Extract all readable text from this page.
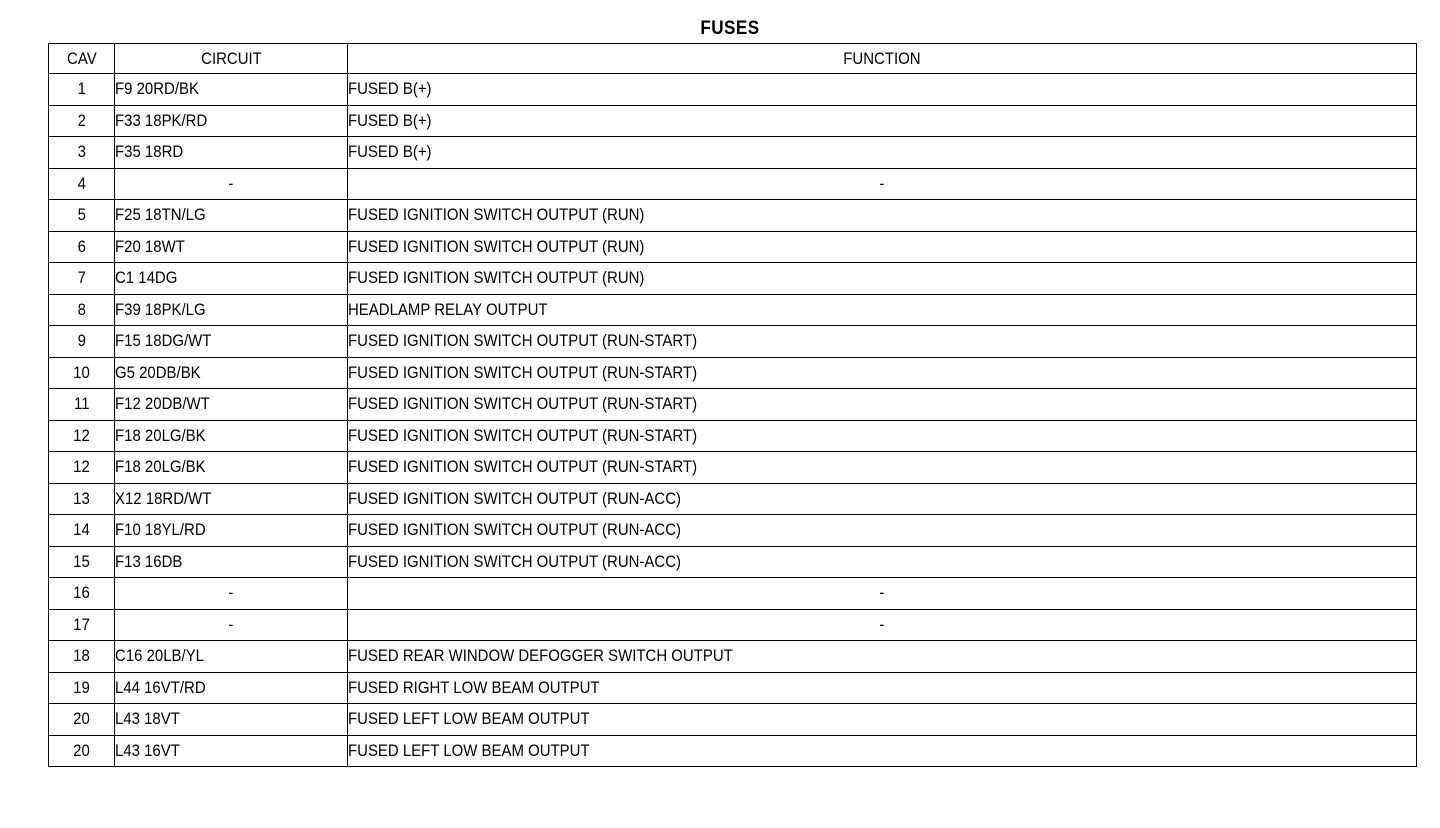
FUSES
CAV	CIRCUIT	FUNCTION
1	F9 20RD/BK	FUSED B(+)
2	F33 18PK/RD	FUSED B(+)
3	F35 18RD	FUSED B(+)
4	-	-
5	F25 18TN/LG	FUSED IGNITION SWITCH OUTPUT (RUN)
6	F20 18WT	FUSED IGNITION SWITCH OUTPUT (RUN)
7	C1 14DG	FUSED IGNITION SWITCH OUTPUT (RUN)
8	F39 18PK/LG	HEADLAMP RELAY OUTPUT
9	F15 18DG/WT	FUSED IGNITION SWITCH OUTPUT (RUN-START)
10	G5 20DB/BK	FUSED IGNITION SWITCH OUTPUT (RUN-START)
11	F12 20DB/WT	FUSED IGNITION SWITCH OUTPUT (RUN-START)
12	F18 20LG/BK	FUSED IGNITION SWITCH OUTPUT (RUN-START)
12	F18 20LG/BK	FUSED IGNITION SWITCH OUTPUT (RUN-START)
13	X12 18RD/WT	FUSED IGNITION SWITCH OUTPUT (RUN-ACC)
14	F10 18YL/RD	FUSED IGNITION SWITCH OUTPUT (RUN-ACC)
15	F13 16DB	FUSED IGNITION SWITCH OUTPUT (RUN-ACC)
16	-	-
17	-	-
18	C16 20LB/YL	FUSED REAR WINDOW DEFOGGER SWITCH OUTPUT
19	L44 16VT/RD	FUSED RIGHT LOW BEAM OUTPUT
20	L43 18VT	FUSED LEFT LOW BEAM OUTPUT
20	L43 16VT	FUSED LEFT LOW BEAM OUTPUT
